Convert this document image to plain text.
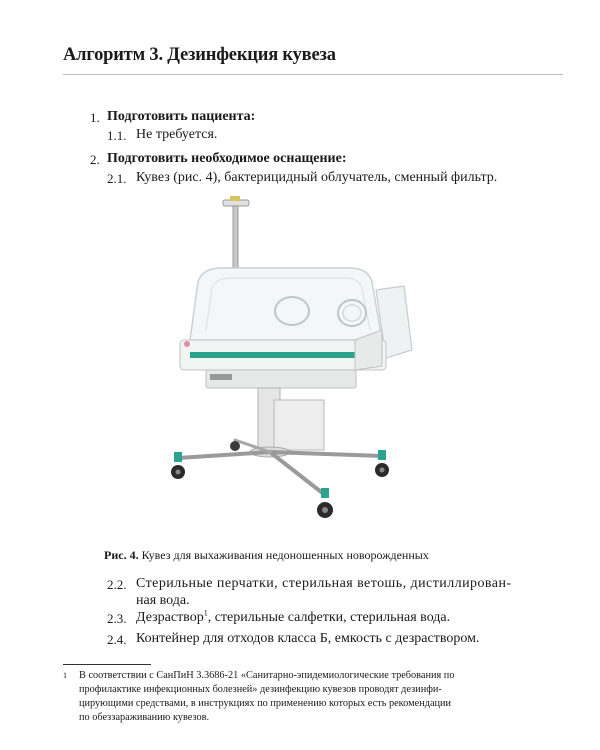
Алгоритм 3. Дезинфекция кувеза
1. Подготовить пациента:
1.1. Не требуется.
2. Подготовить необходимое оснащение:
2.1. Кувез (рис. 4), бактерицидный облучатель, сменный фильтр.
Рис. 4. Кувез для выхаживания недоношенных новорожденных
2.2. Стерильные перчатки, стерильная ветошь, дистиллирован-
ная вода.
2.3. Дезраствор$^1$, стерильные салфетки, стерильная вода.
2.4. Контейнер для отходов класса Б, емкость с дезраствором.
1 В соответствии с СанПиН 3.3686-21 «Санитарно-эпидемиологические требования по
профилактике инфекционных болезней» дезинфекцию кувезов проводят дезинфи-
цирующими средствами, в инструкциях по применению которых есть рекомендации
по обеззараживанию кувезов.
